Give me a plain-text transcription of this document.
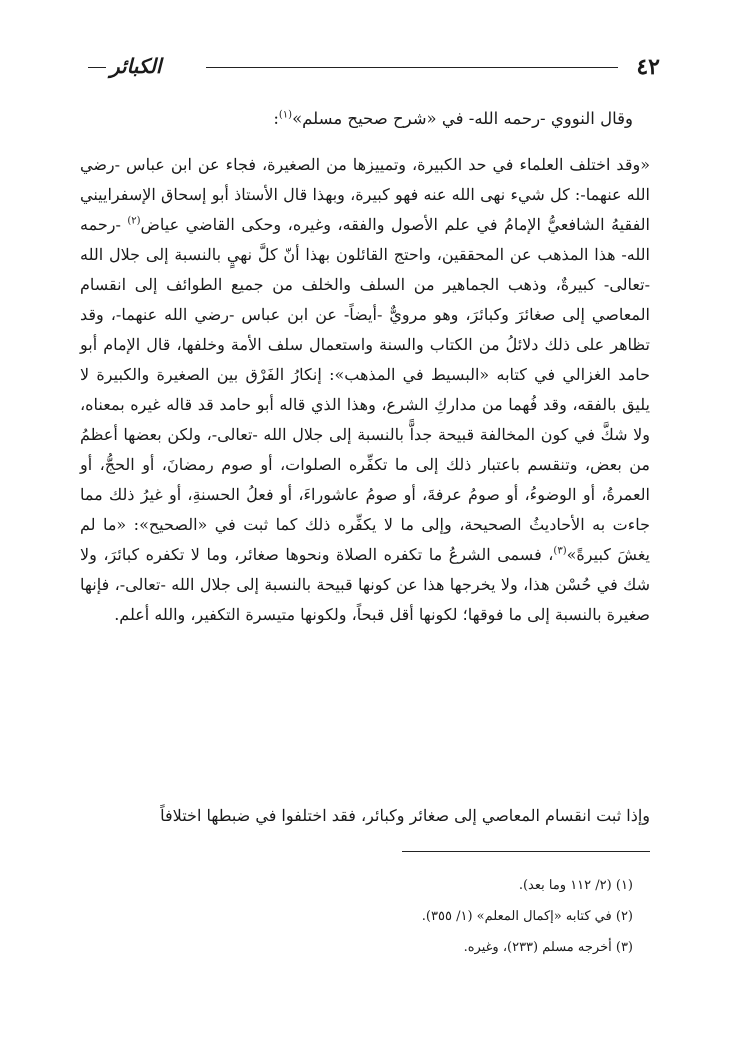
٤٢
الكبائر
وقال النووي -رحمه الله- في «شرح صحيح مسلم»$^{(١)}$:

«وقد اختلف العلماء في حد الكبيرة، وتمييزها من الصغيرة، فجاء عن ابن عباس -رضي الله عنهما-: كل شيء نهى الله عنه فهو كبيرة، وبهذا قال الأستاذ أبو إسحاق الإسفراييني الفقيهُ الشافعيُّ الإمامُ في علم الأصول والفقه، وغيره، وحكى القاضي عياض$^{(٢)}$ -رحمه الله- هذا المذهب عن المحققين، واحتج القائلون بهذا أنّ كلَّ نهيٍ بالنسبة إلى جلال الله -تعالى- كبيرةٌ، وذهب الجماهير من السلف والخلف من جميع الطوائف إلى انقسام المعاصي إلى صغائرَ وكبائرَ، وهو مرويٌّ -أيضاً- عن ابن عباس -رضي الله عنهما-، وقد تظاهر على ذلك دلائلُ من الكتاب والسنة واستعمال سلف الأمة وخلفها، قال الإمام أبو حامد الغزالي في كتابه «البسيط في المذهب»: إنكارُ الفَرْق بين الصغيرة والكبيرة لا يليق بالفقه، وقد فُهما من مداركِ الشرع، وهذا الذي قاله أبو حامد قد قاله غيره بمعناه، ولا شكَّ في كون المخالفة قبيحة جداًّ بالنسبة إلى جلال الله -تعالى-، ولكن بعضها أعظمُ من بعض، وتنقسم باعتبار ذلك إلى ما تكفِّره الصلوات، أو صوم رمضانَ، أو الحجُّ، أو العمرةُ، أو الوضوءُ، أو صومُ عرفةَ، أو صومُ عاشوراءَ، أو فعلُ الحسنةِ، أو غيرُ ذلك مما جاءت به الأحاديثُ الصحيحة، وإلى ما لا يكفِّره ذلك كما ثبت في «الصحيح»: «ما لم يغشَ كبيرةً»$^{(٣)}$، فسمى الشرعُ ما تكفره الصلاة ونحوها صغائر، وما لا تكفره كبائرَ، ولا شك في حُسْن هذا، ولا يخرجها هذا عن كونها قبيحة بالنسبة إلى جلال الله -تعالى-، فإنها صغيرة بالنسبة إلى ما فوقها؛ لكونها أقل قبحاً، ولكونها متيسرة التكفير، والله أعلم.

وإذا ثبت انقسام المعاصي إلى صغائر وكبائر، فقد اختلفوا في ضبطها اختلافاً
(١) (٢/ ١١٢ وما بعد).
(٢) في كتابه «إكمال المعلم» (١/ ٣٥٥).
(٣) أخرجه مسلم (٢٣٣)، وغيره.
